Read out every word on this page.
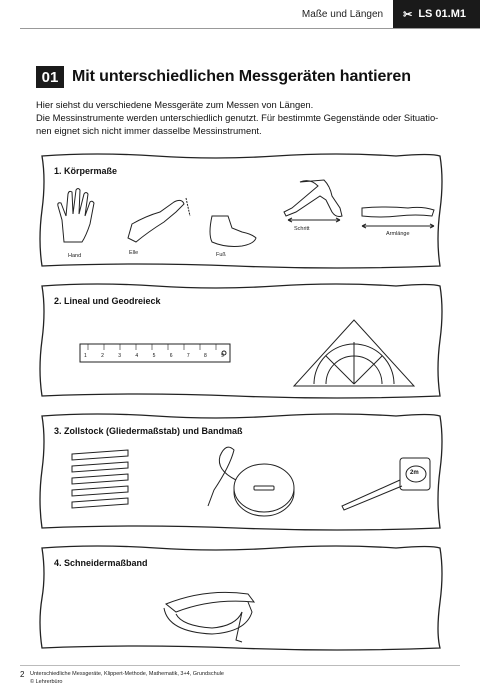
Maße und Längen	✂ LS 01.M1
01 Mit unterschiedlichen Messgeräten hantieren

Hier siehst du verschiedene Messgeräte zum Messen von Längen.

Die Messinstrumente werden unterschiedlich genutzt. Für bestimmte Gegenstände oder Situatio-

nen eignet sich nicht immer dasselbe Messinstrument.

1. Körpermaße
Hand	Elle	Fuß
Schritt
Armlänge
2. Lineal und Geodreieck
1	2	3	4	5	6	7	8	9
3. Zollstock (Gliedermaßstab) und Bandmaß
2m
4. Schneidermaßband
2 Unterschiedliche Messgeräte, Klippert-Methode, Mathematik, 3+4, Grundschule
© Lehrerbüro
